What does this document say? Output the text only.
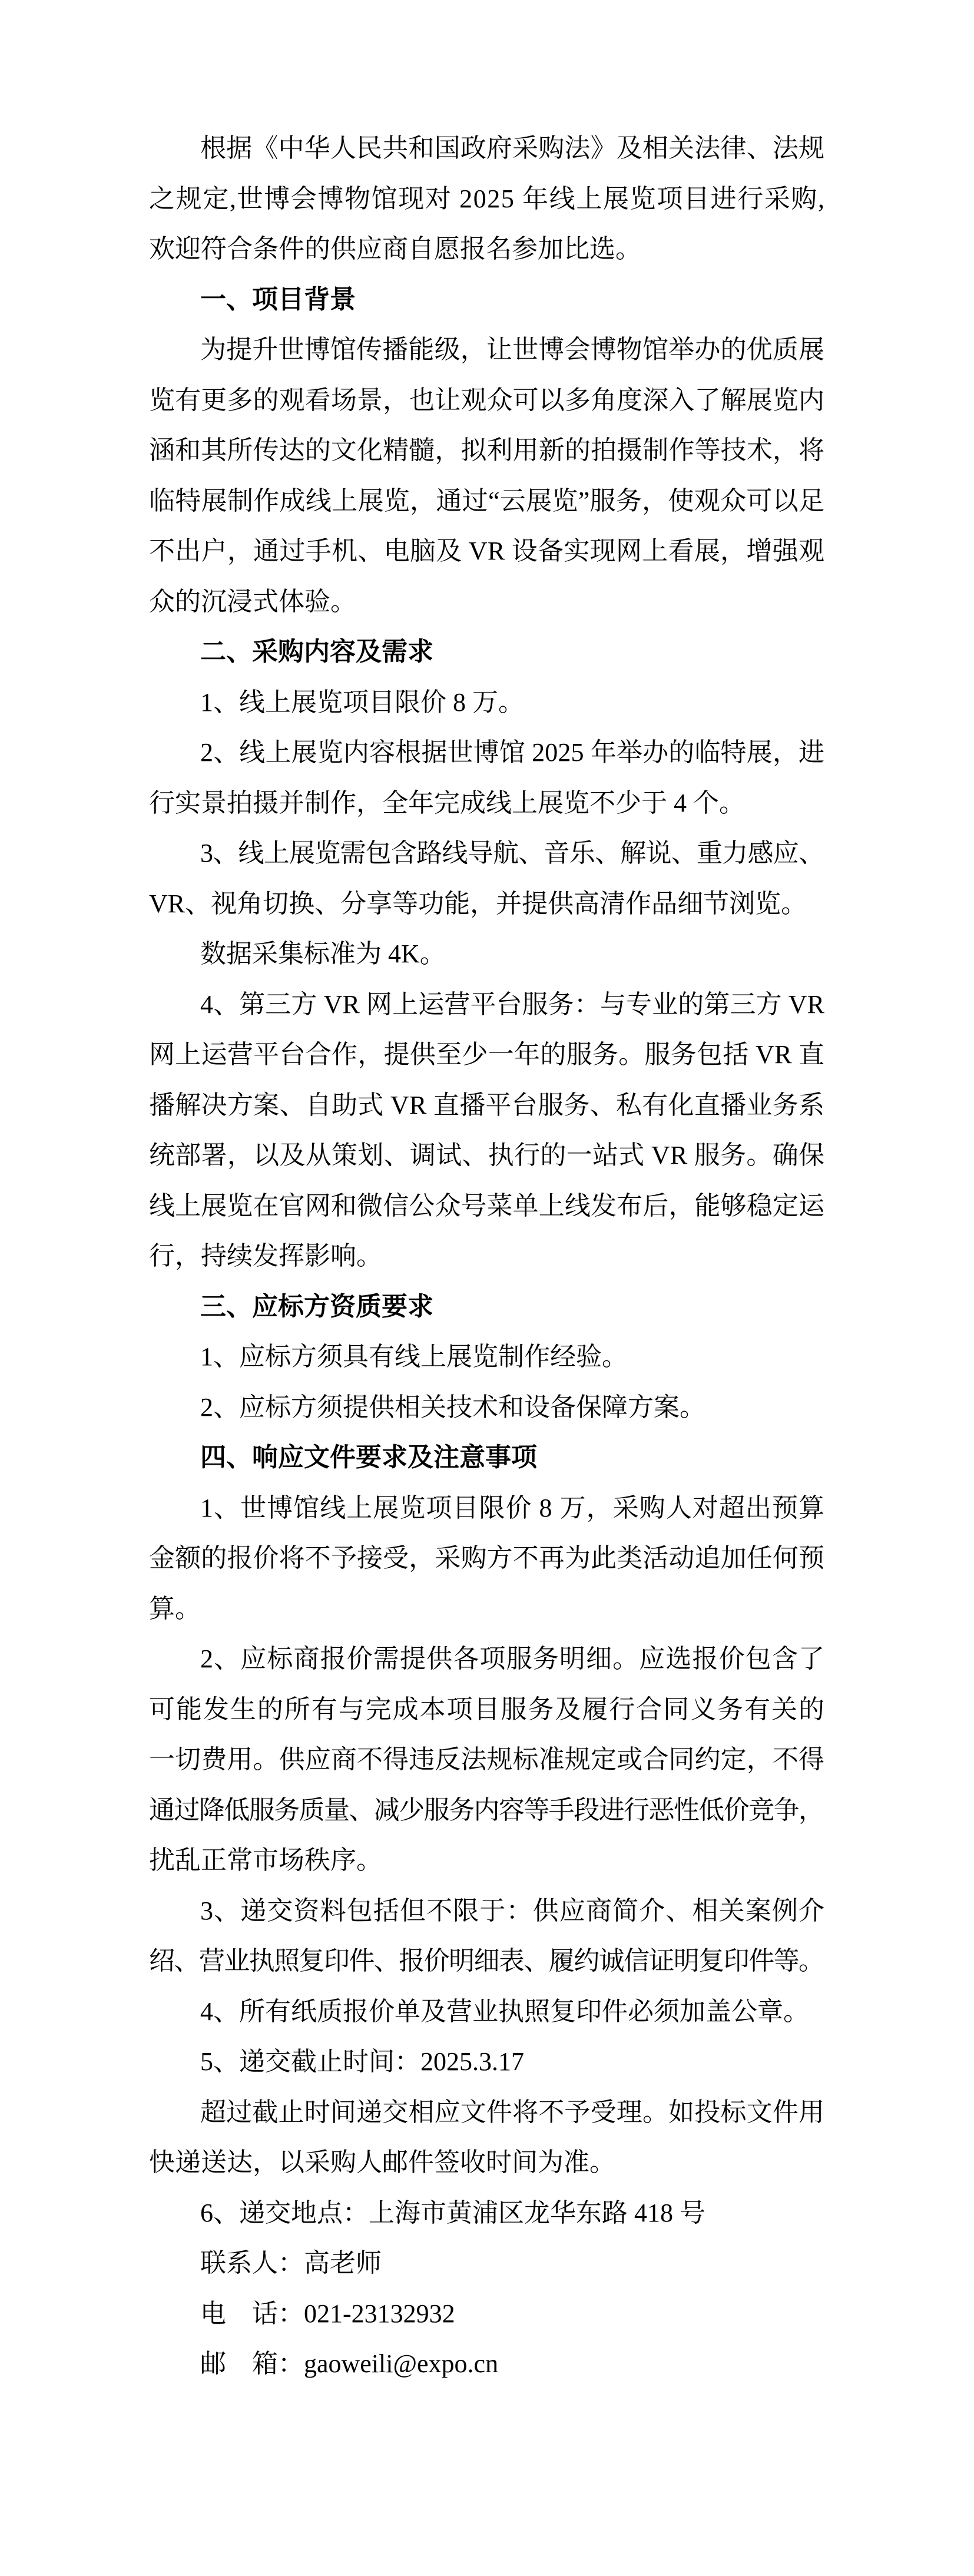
根据《中华人民共和国政府采购法》及相关法律、法规
之规定,世博会博物馆现对 2025 年线上展览项目进行采购,
欢迎符合条件的供应商自愿报名参加比选。
一、项目背景
为提升世博馆传播能级，让世博会博物馆举办的优质展
览有更多的观看场景，也让观众可以多角度深入了解展览内
涵和其所传达的文化精髓，拟利用新的拍摄制作等技术，将
临特展制作成线上展览，通过“云展览”服务，使观众可以足
不出户，通过手机、电脑及 VR 设备实现网上看展，增强观
众的沉浸式体验。
二、采购内容及需求
1、线上展览项目限价 8 万。
2、线上展览内容根据世博馆 2025 年举办的临特展，进
行实景拍摄并制作，全年完成线上展览不少于 4 个。
3、线上展览需包含路线导航、音乐、解说、重力感应、
VR、视角切换、分享等功能，并提供高清作品细节浏览。
数据采集标准为 4K。
4、第三方 VR 网上运营平台服务：与专业的第三方 VR
网上运营平台合作，提供至少一年的服务。服务包括 VR 直
播解决方案、自助式 VR 直播平台服务、私有化直播业务系
统部署，以及从策划、调试、执行的一站式 VR 服务。确保
线上展览在官网和微信公众号菜单上线发布后，能够稳定运
行，持续发挥影响。
三、应标方资质要求
1、应标方须具有线上展览制作经验。
2、应标方须提供相关技术和设备保障方案。
四、响应文件要求及注意事项
1、世博馆线上展览项目限价 8 万，采购人对超出预算
金额的报价将不予接受，采购方不再为此类活动追加任何预
算。
2、应标商报价需提供各项服务明细。应选报价包含了
可能发生的所有与完成本项目服务及履行合同义务有关的
一切费用。供应商不得违反法规标准规定或合同约定，不得
通过降低服务质量、减少服务内容等手段进行恶性低价竞争，
扰乱正常市场秩序。
3、递交资料包括但不限于：供应商简介、相关案例介
绍、营业执照复印件、报价明细表、履约诚信证明复印件等。
4、所有纸质报价单及营业执照复印件必须加盖公章。
5、递交截止时间：2025.3.17
超过截止时间递交相应文件将不予受理。如投标文件用
快递送达，以采购人邮件签收时间为准。
6、递交地点：上海市黄浦区龙华东路 418 号
联系人：高老师
电　话：021-23132932
邮　箱：gaoweili@expo.cn
